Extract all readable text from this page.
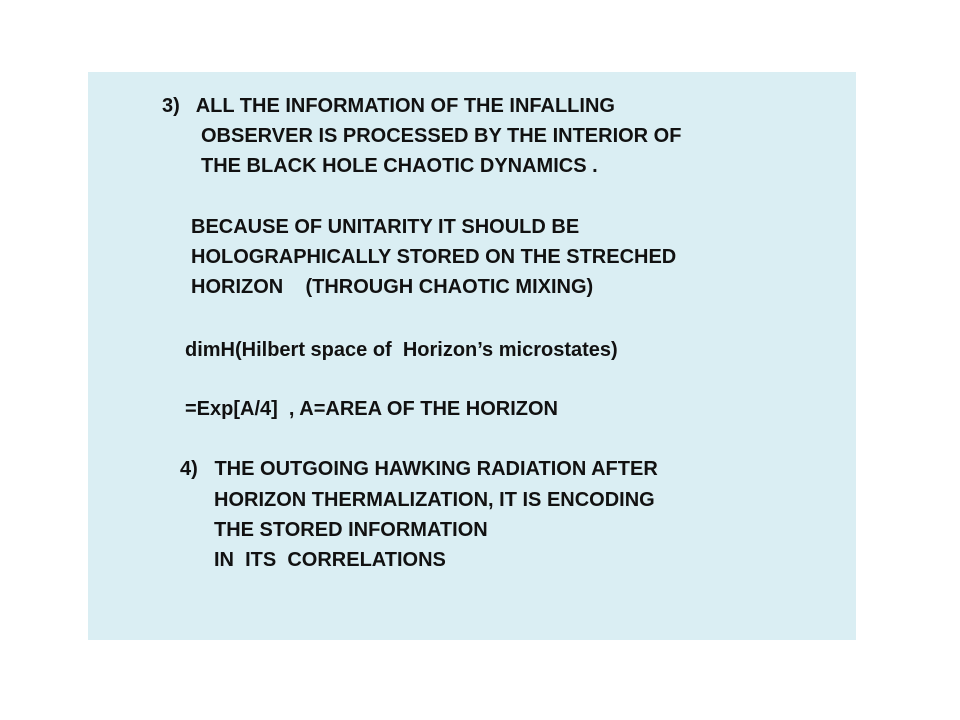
3)   ALL THE INFORMATION OF THE INFALLING

OBSERVER IS PROCESSED BY THE INTERIOR OF

THE BLACK HOLE CHAOTIC DYNAMICS .

BECAUSE OF UNITARITY IT SHOULD BE

HOLOGRAPHICALLY STORED ON THE STRECHED

HORIZON    (THROUGH CHAOTIC MIXING)

dimH(Hilbert space of  Horizon’s microstates)

=Exp[A/4]  , A=AREA OF THE HORIZON

4)   THE OUTGOING HAWKING RADIATION AFTER

HORIZON THERMALIZATION, IT IS ENCODING

THE STORED INFORMATION

IN  ITS  CORRELATIONS
